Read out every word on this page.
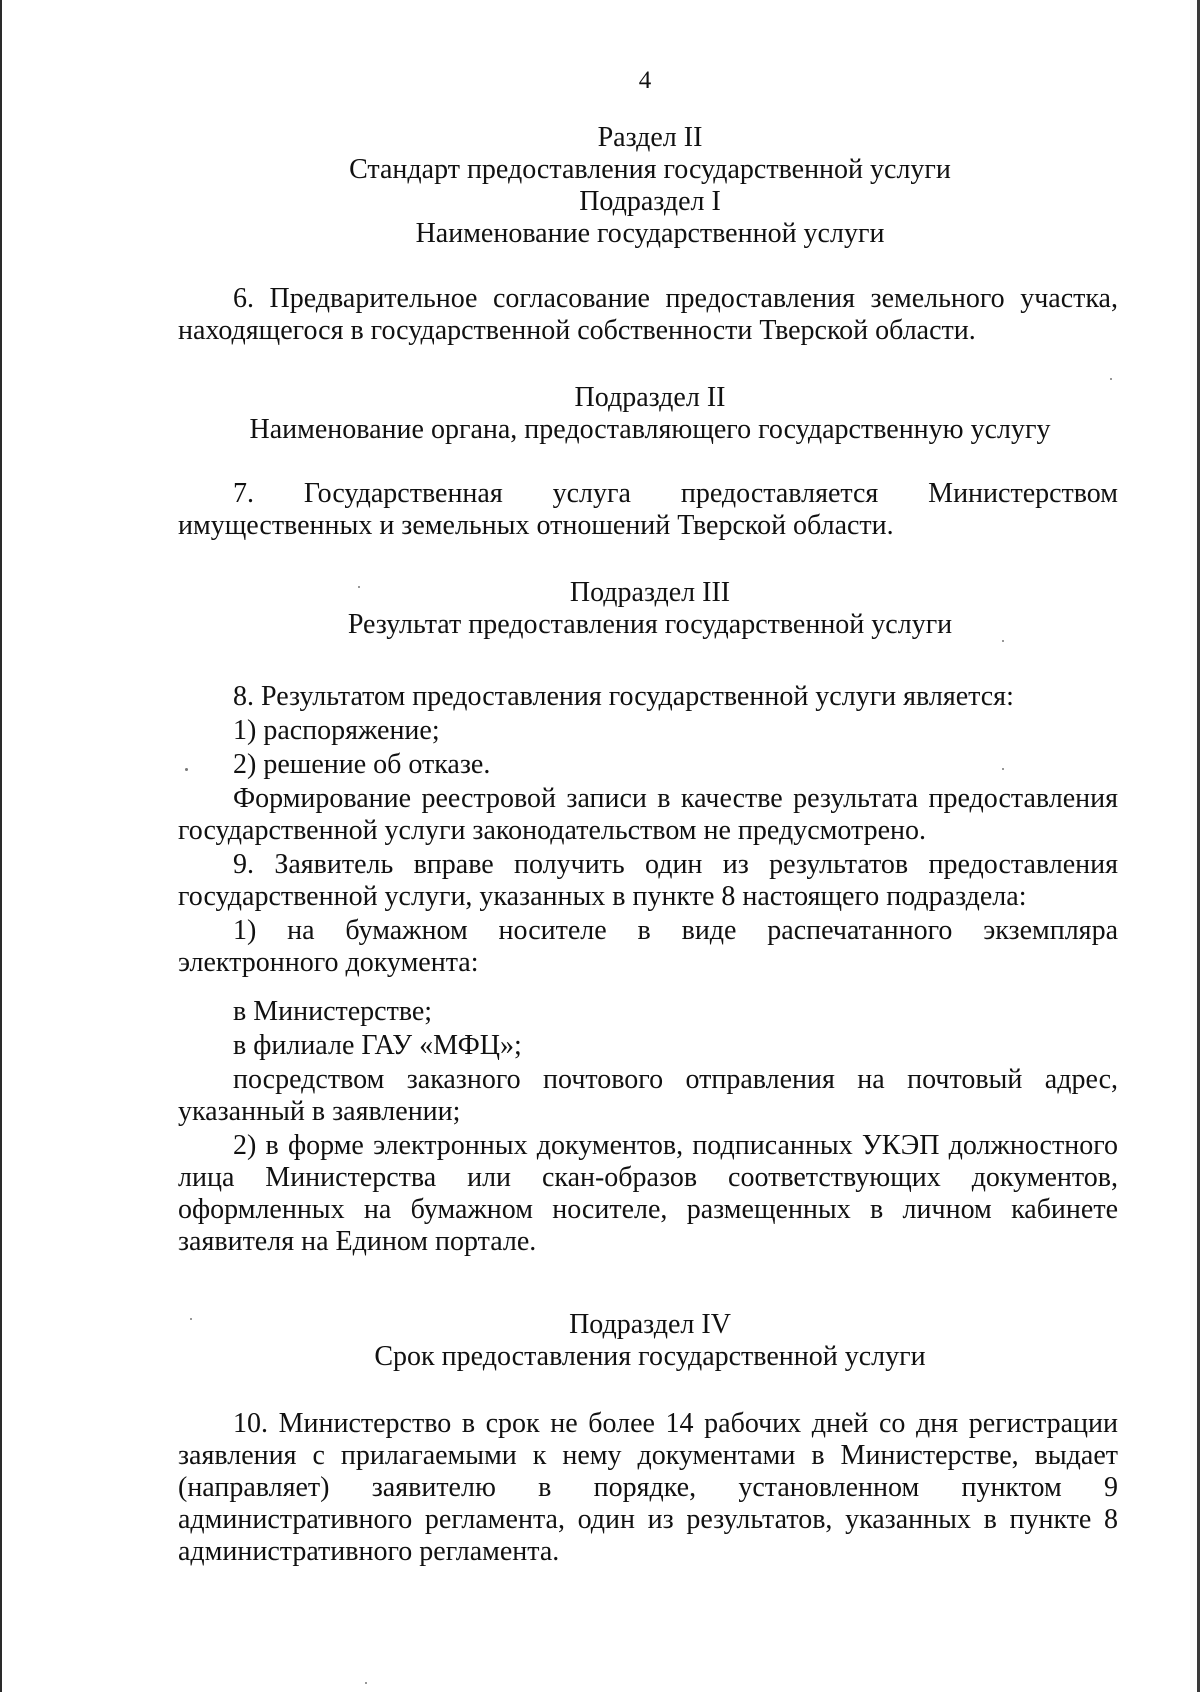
4
Раздел II
Стандарт предоставления государственной услуги
Подраздел I
Наименование государственной услуги

6. Предварительное согласование предоставления земельного участка, находящегося в государственной собственности Тверской области.

Подраздел II
Наименование органа, предоставляющего государственную услугу

7. Государственная услуга предоставляется Министерством имущественных и земельных отношений Тверской области.

Подраздел III
Результат предоставления государственной услуги
8. Результатом предоставления государственной услуги является:
1) распоряжение;
2) решение об отказе.

Формирование реестровой записи в качестве результата предоставления государственной услуги законодательством не предусмотрено.

9. Заявитель вправе получить один из результатов предоставления государственной услуги, указанных в пункте 8 настоящего подраздела:

1) на бумажном носителе в виде распечатанного экземпляра электронного документа:

в Министерстве;
в филиале ГАУ «МФЦ»;

посредством заказного почтового отправления на почтовый адрес, указанный в заявлении;

2) в форме электронных документов, подписанных УКЭП должностного лица Министерства или скан-образов соответствующих документов, оформленных на бумажном носителе, размещенных в личном кабинете заявителя на Едином портале.

Подраздел IV
Срок предоставления государственной услуги

10. Министерство в срок не более 14 рабочих дней со дня регистрации заявления с прилагаемыми к нему документами в Министерстве, выдает (направляет) заявителю в порядке, установленном пунктом 9 административного регламента, один из результатов, указанных в пункте 8 административного регламента.
